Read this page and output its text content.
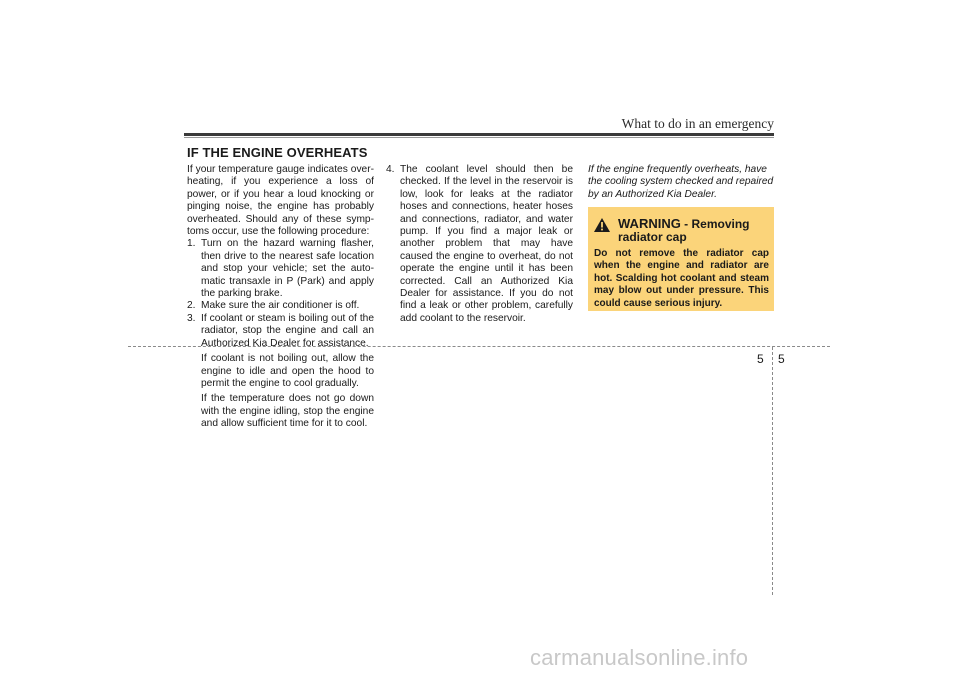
What to do in an emergency
IF THE ENGINE OVERHEATS

If your temperature gauge indicates over-heating, if you experience a loss of power, or if you hear a loud knocking or pinging noise, the engine has probably overheated. Should any of these symp-toms occur, use the following procedure:

1. Turn on the hazard warning flasher, then drive to the nearest safe location and stop your vehicle; set the auto-matic transaxle in P (Park) and apply the parking brake.
2. Make sure the air conditioner is off.
3. If coolant or steam is boiling out of the radiator, stop the engine and call an Authorized Kia Dealer for assistance.

If coolant is not boiling out, allow the engine to idle and open the hood to permit the engine to cool gradually.

If the temperature does not go down with the engine idling, stop the engine and allow sufficient time for it to cool.

4. The coolant level should then be checked. If the level in the reservoir is low, look for leaks at the radiator hoses and connections, heater hoses and connections, radiator, and water pump. If you find a major leak or another problem that may have caused the engine to overheat, do not operate the engine until it has been corrected. Call an Authorized Kia Dealer for assistance. If you do not find a leak or other problem, carefully add coolant to the reservoir.

If the engine frequently overheats, have the cooling system checked and repaired by an Authorized Kia Dealer.

WARNING - Removing radiator cap
Do not remove the radiator cap when the engine and radiator are hot. Scalding hot coolant and steam may blow out under pressure. This could cause serious injury.
5 5
carmanualsonline.info
